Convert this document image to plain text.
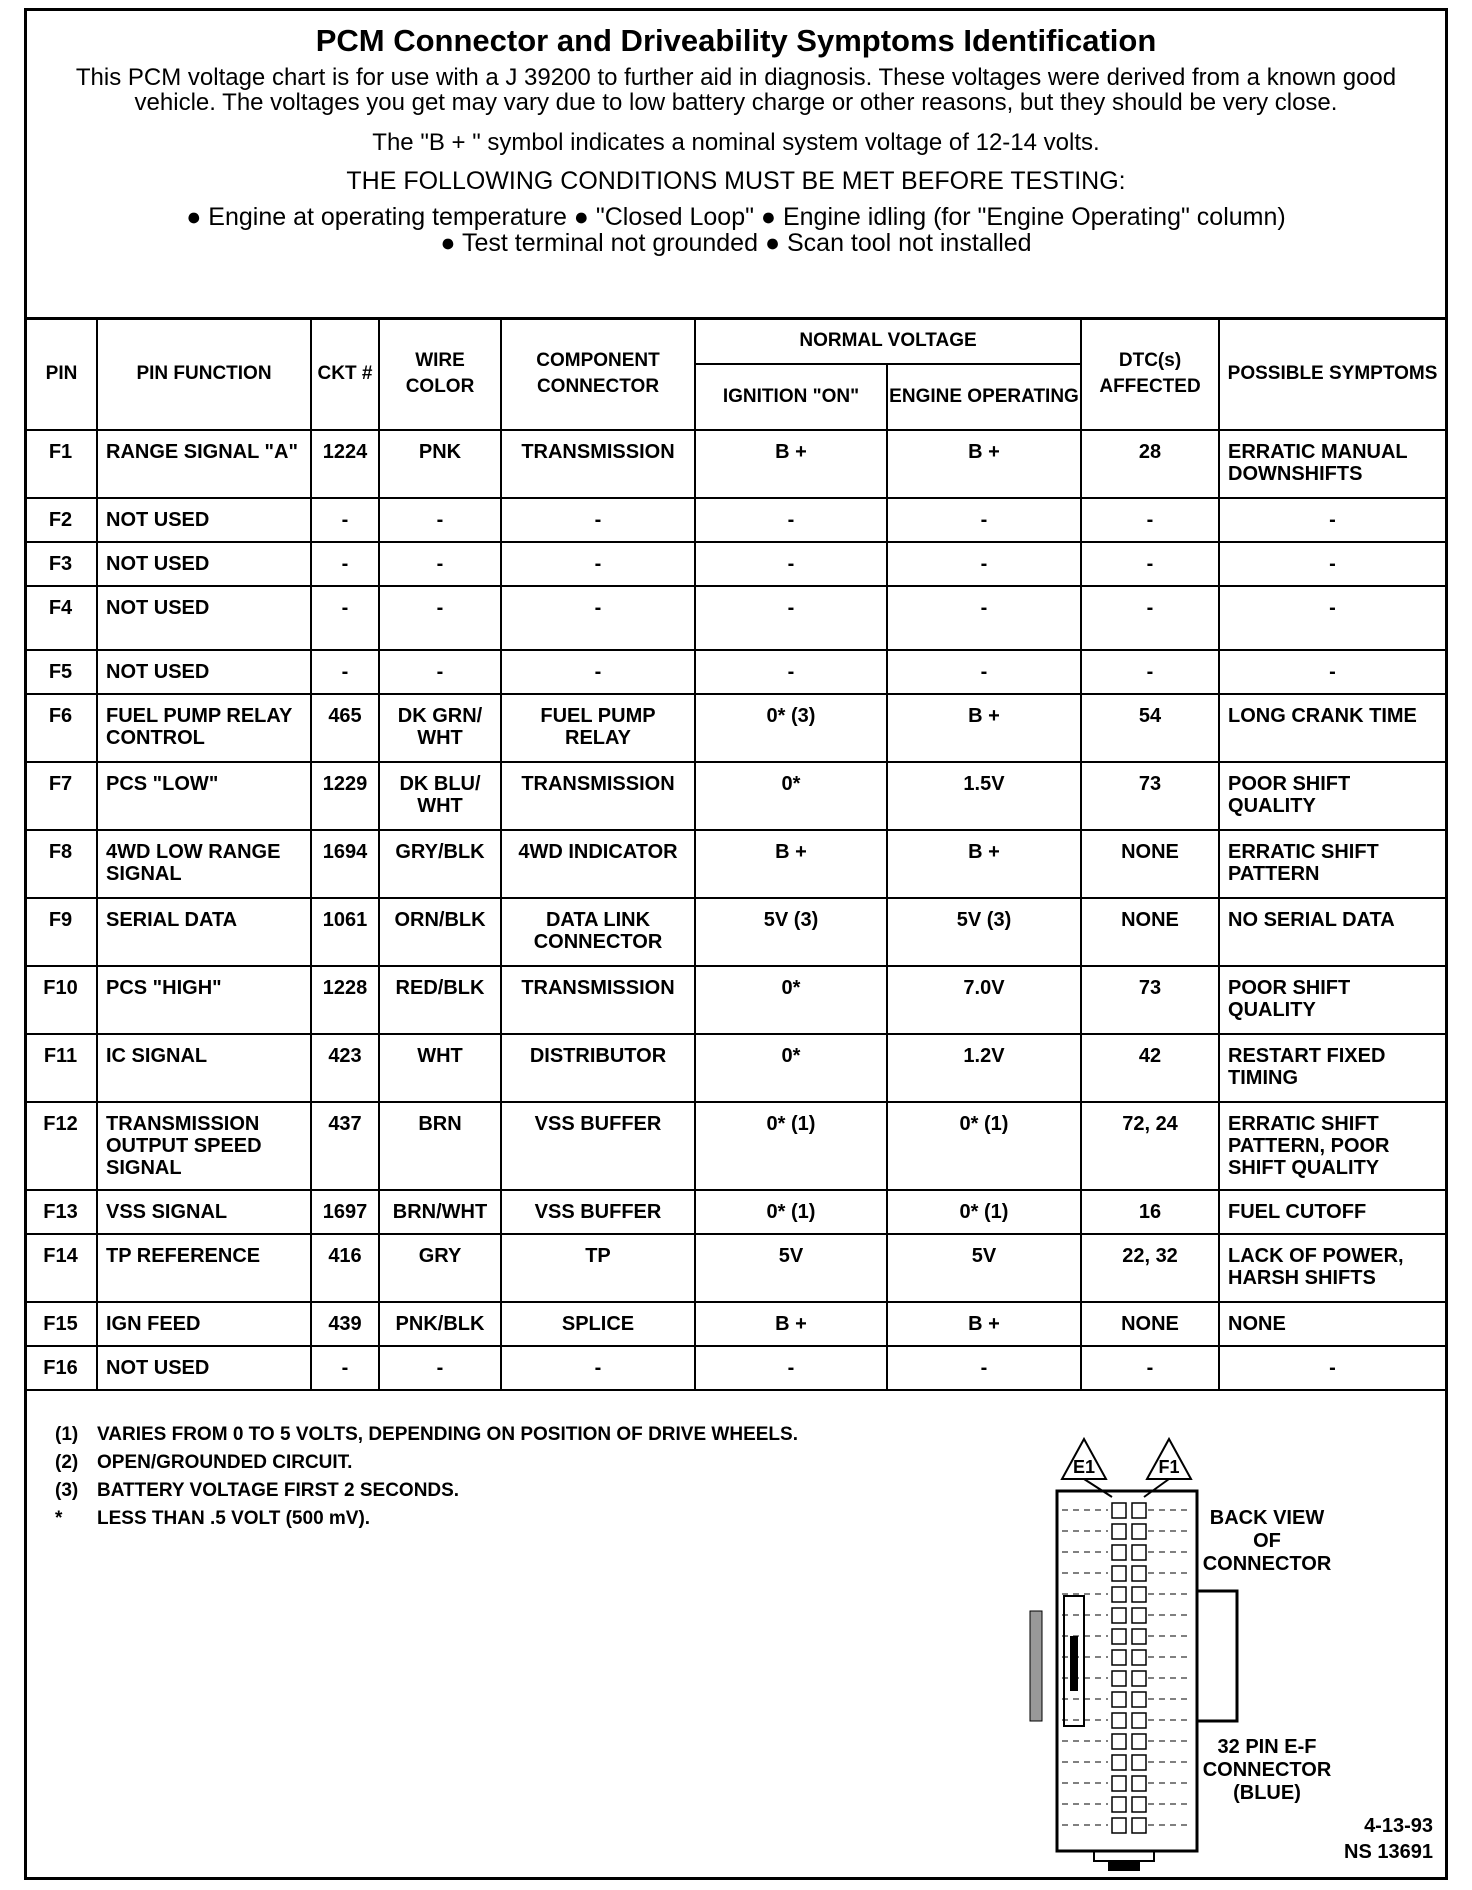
PCM Connector and Driveability Symptoms Identification
This PCM voltage chart is for use with a J 39200 to further aid in diagnosis. These voltages were derived from a known good vehicle. The voltages you get may vary due to low battery charge or other reasons, but they should be very close.
The "B + " symbol indicates a nominal system voltage of 12-14 volts.
THE FOLLOWING CONDITIONS MUST BE MET BEFORE TESTING:
● Engine at operating temperature ● "Closed Loop" ● Engine idling (for "Engine Operating" column)
● Test terminal not grounded ● Scan tool not installed
PIN	PIN FUNCTION	CKT #	WIRE COLOR	COMPONENT CONNECTOR	NORMAL VOLTAGE		DTC(s) AFFECTED	POSSIBLE SYMPTOMS
					IGNITION "ON"	ENGINE OPERATING		
F1	RANGE SIGNAL "A"	1224	PNK	TRANSMISSION	B +	B +	28	ERRATIC MANUAL DOWNSHIFTS
F2	NOT USED	-	-	-	-	-	-	-
F3	NOT USED	-	-	-	-	-	-	-
F4	NOT USED	-	-	-	-	-	-	-
F5	NOT USED	-	-	-	-	-	-	-
F6	FUEL PUMP RELAY CONTROL	465	DK GRN/ WHT	FUEL PUMP RELAY	0* (3)	B +	54	LONG CRANK TIME
F7	PCS "LOW"	1229	DK BLU/ WHT	TRANSMISSION	0*	1.5V	73	POOR SHIFT QUALITY
F8	4WD LOW RANGE SIGNAL	1694	GRY/BLK	4WD INDICATOR	B +	B +	NONE	ERRATIC SHIFT PATTERN
F9	SERIAL DATA	1061	ORN/BLK	DATA LINK CONNECTOR	5V (3)	5V (3)	NONE	NO SERIAL DATA
F10	PCS "HIGH"	1228	RED/BLK	TRANSMISSION	0*	7.0V	73	POOR SHIFT QUALITY
F11	IC SIGNAL	423	WHT	DISTRIBUTOR	0*	1.2V	42	RESTART FIXED TIMING
F12	TRANSMISSION OUTPUT SPEED SIGNAL	437	BRN	VSS BUFFER	0* (1)	0* (1)	72, 24	ERRATIC SHIFT PATTERN, POOR SHIFT QUALITY
F13	VSS SIGNAL	1697	BRN/WHT	VSS BUFFER	0* (1)	0* (1)	16	FUEL CUTOFF
F14	TP REFERENCE	416	GRY	TP	5V	5V	22, 32	LACK OF POWER, HARSH SHIFTS
F15	IGN FEED	439	PNK/BLK	SPLICE	B +	B +	NONE	NONE
F16	NOT USED	-	-	-	-	-	-	-
(1) VARIES FROM 0 TO 5 VOLTS, DEPENDING ON POSITION OF DRIVE WHEELS.
(2) OPEN/GROUNDED CIRCUIT.
(3) BATTERY VOLTAGE FIRST 2 SECONDS.
*	LESS THAN .5 VOLT (500 mV).
E1	F1
BACK VIEW OF CONNECTOR
32 PIN E-F CONNECTOR (BLUE)
4-13-93
NS 13691
